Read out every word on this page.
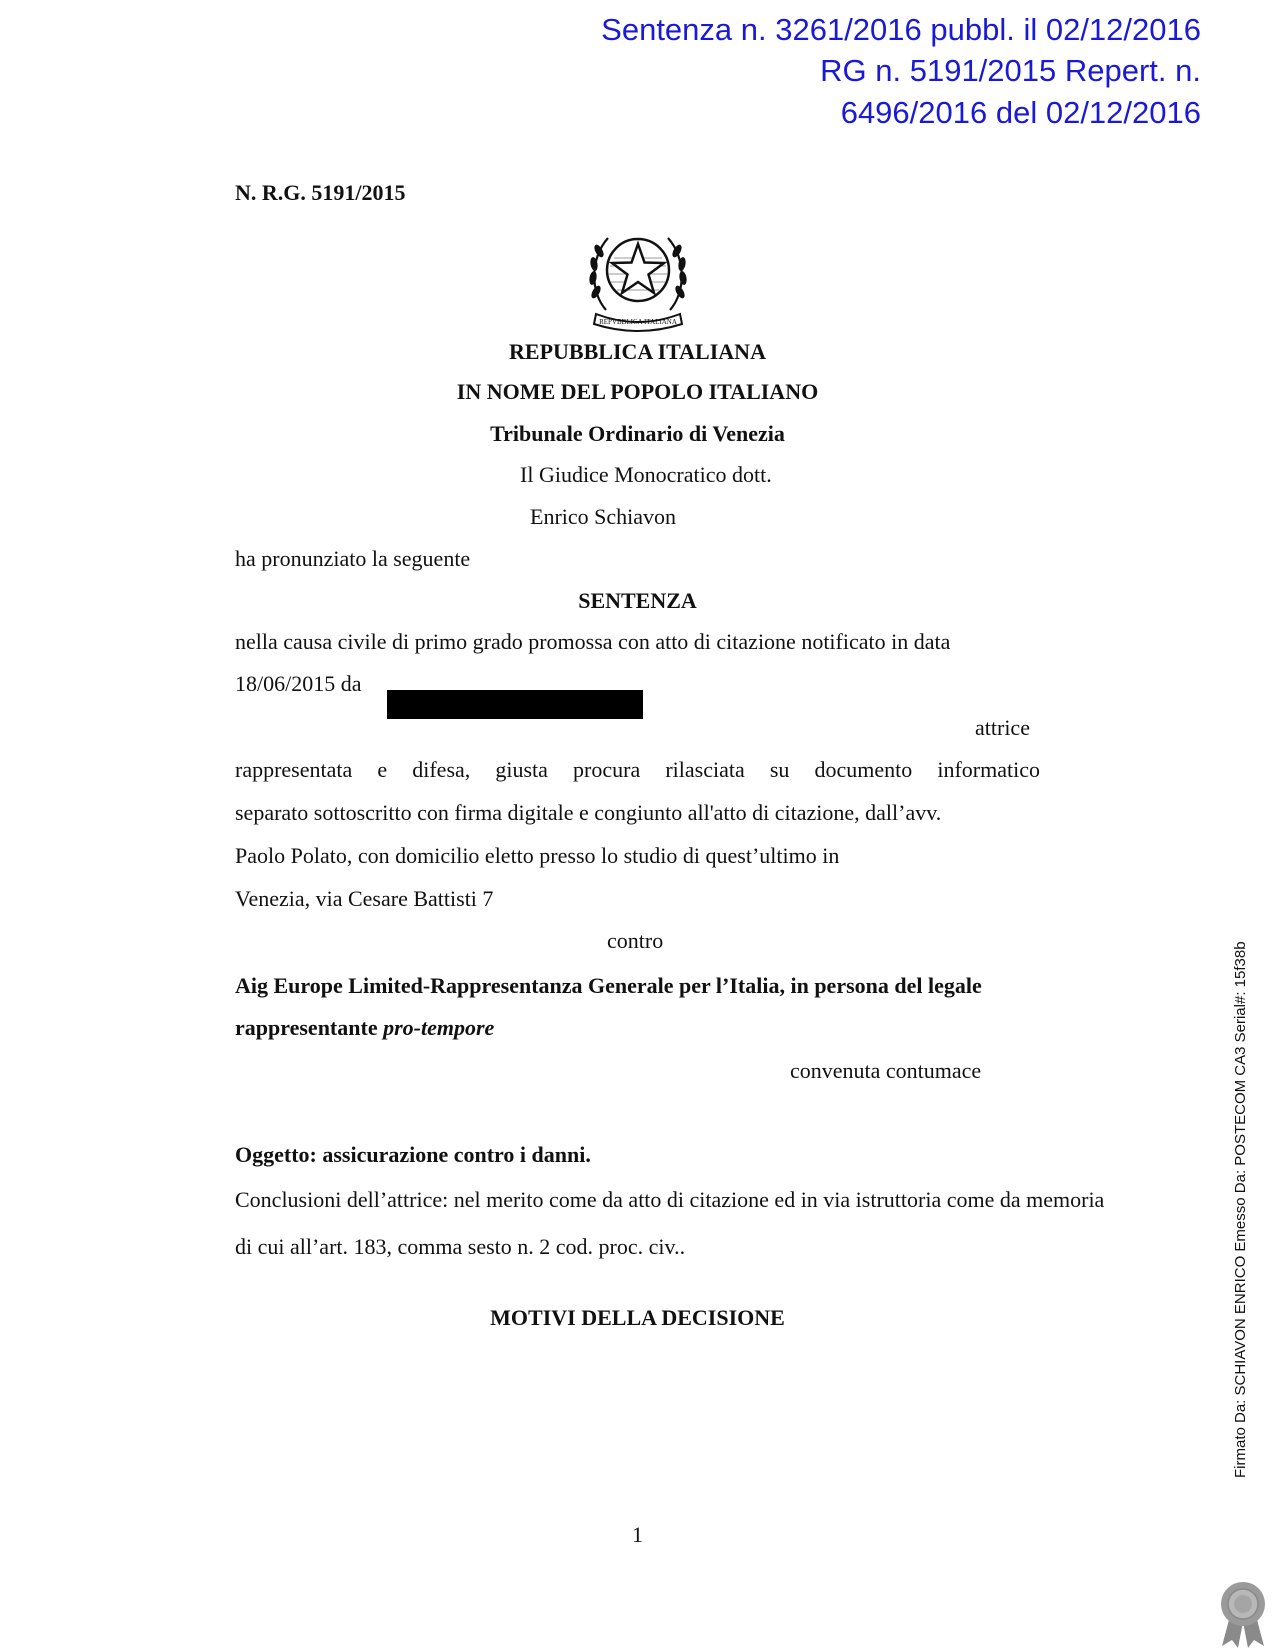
Sentenza n. 3261/2016 pubbl. il 02/12/2016
RG n. 5191/2015 Repert. n.
6496/2016 del 02/12/2016
N. R.G. 5191/2015
REPVBBLICA ITALIANA
REPUBBLICA ITALIANA
IN NOME DEL POPOLO ITALIANO
Tribunale Ordinario di Venezia
Il Giudice Monocratico dott.
Enrico Schiavon
ha pronunziato la seguente
SENTENZA
nella causa civile di primo grado promossa con atto di citazione notificato in data
18/06/2015 da
attrice
rappresentata e difesa, giusta procura rilasciata su documento informatico
separato sottoscritto con firma digitale e congiunto all'atto di citazione, dall’avv.
Paolo Polato, con domicilio eletto presso lo studio di quest’ultimo in
Venezia, via Cesare Battisti 7
contro
Aig Europe Limited-Rappresentanza Generale per l’Italia, in persona del legale
rappresentante pro-tempore
convenuta contumace
Oggetto: assicurazione contro i danni.
Conclusioni dell’attrice: nel merito come da atto di citazione ed in via istruttoria come da memoria
di cui all’art. 183, comma sesto n. 2 cod. proc. civ..
MOTIVI DELLA DECISIONE
1
Firmato Da: SCHIAVON ENRICO Emesso Da: POSTECOM CA3 Serial#: 15f38b
